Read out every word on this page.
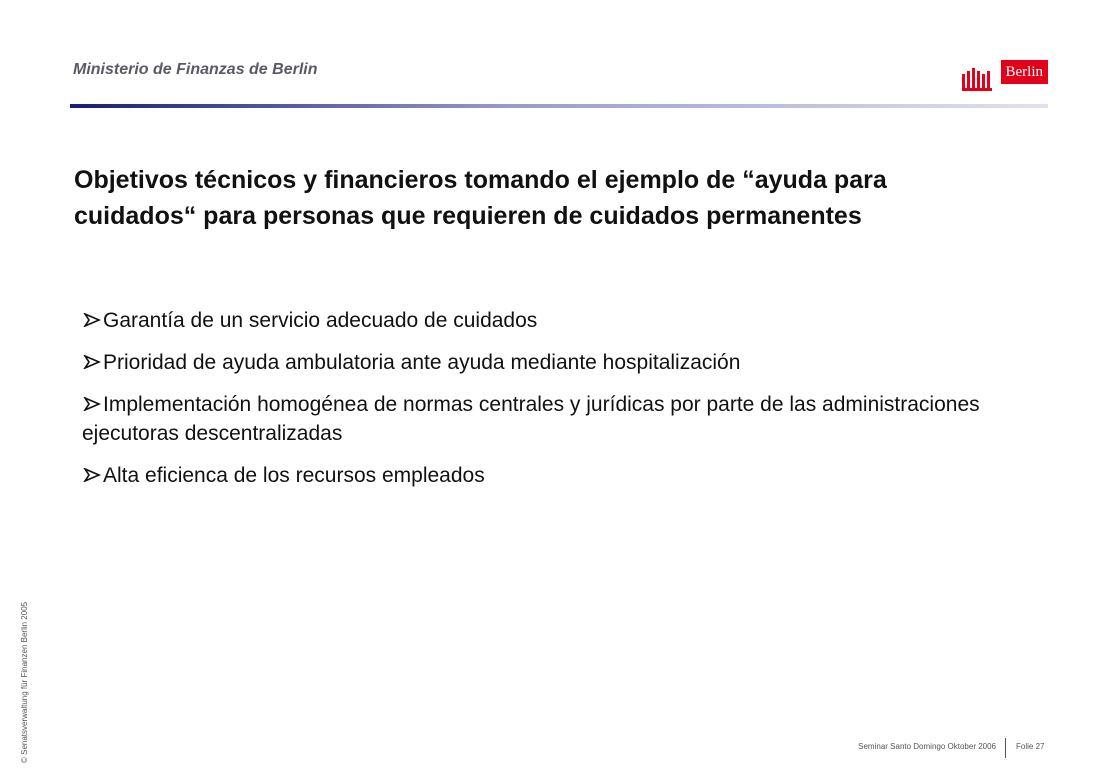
Ministerio de Finanzas de Berlin	Berlin
Objetivos técnicos y financieros tomando el ejemplo de “ayuda para cuidados“ para personas que requieren de cuidados permanentes
Garantía de un servicio adecuado de cuidados
Prioridad de ayuda ambulatoria ante ayuda mediante hospitalización
Implementación homogénea de normas centrales y jurídicas por parte de las administraciones ejecutoras descentralizadas
Alta eficienca de los recursos empleados
© Senatsverwaltung für Finanzen Berlin 2005	Seminar Santo Domingo Oktober 2006	Folie 27
